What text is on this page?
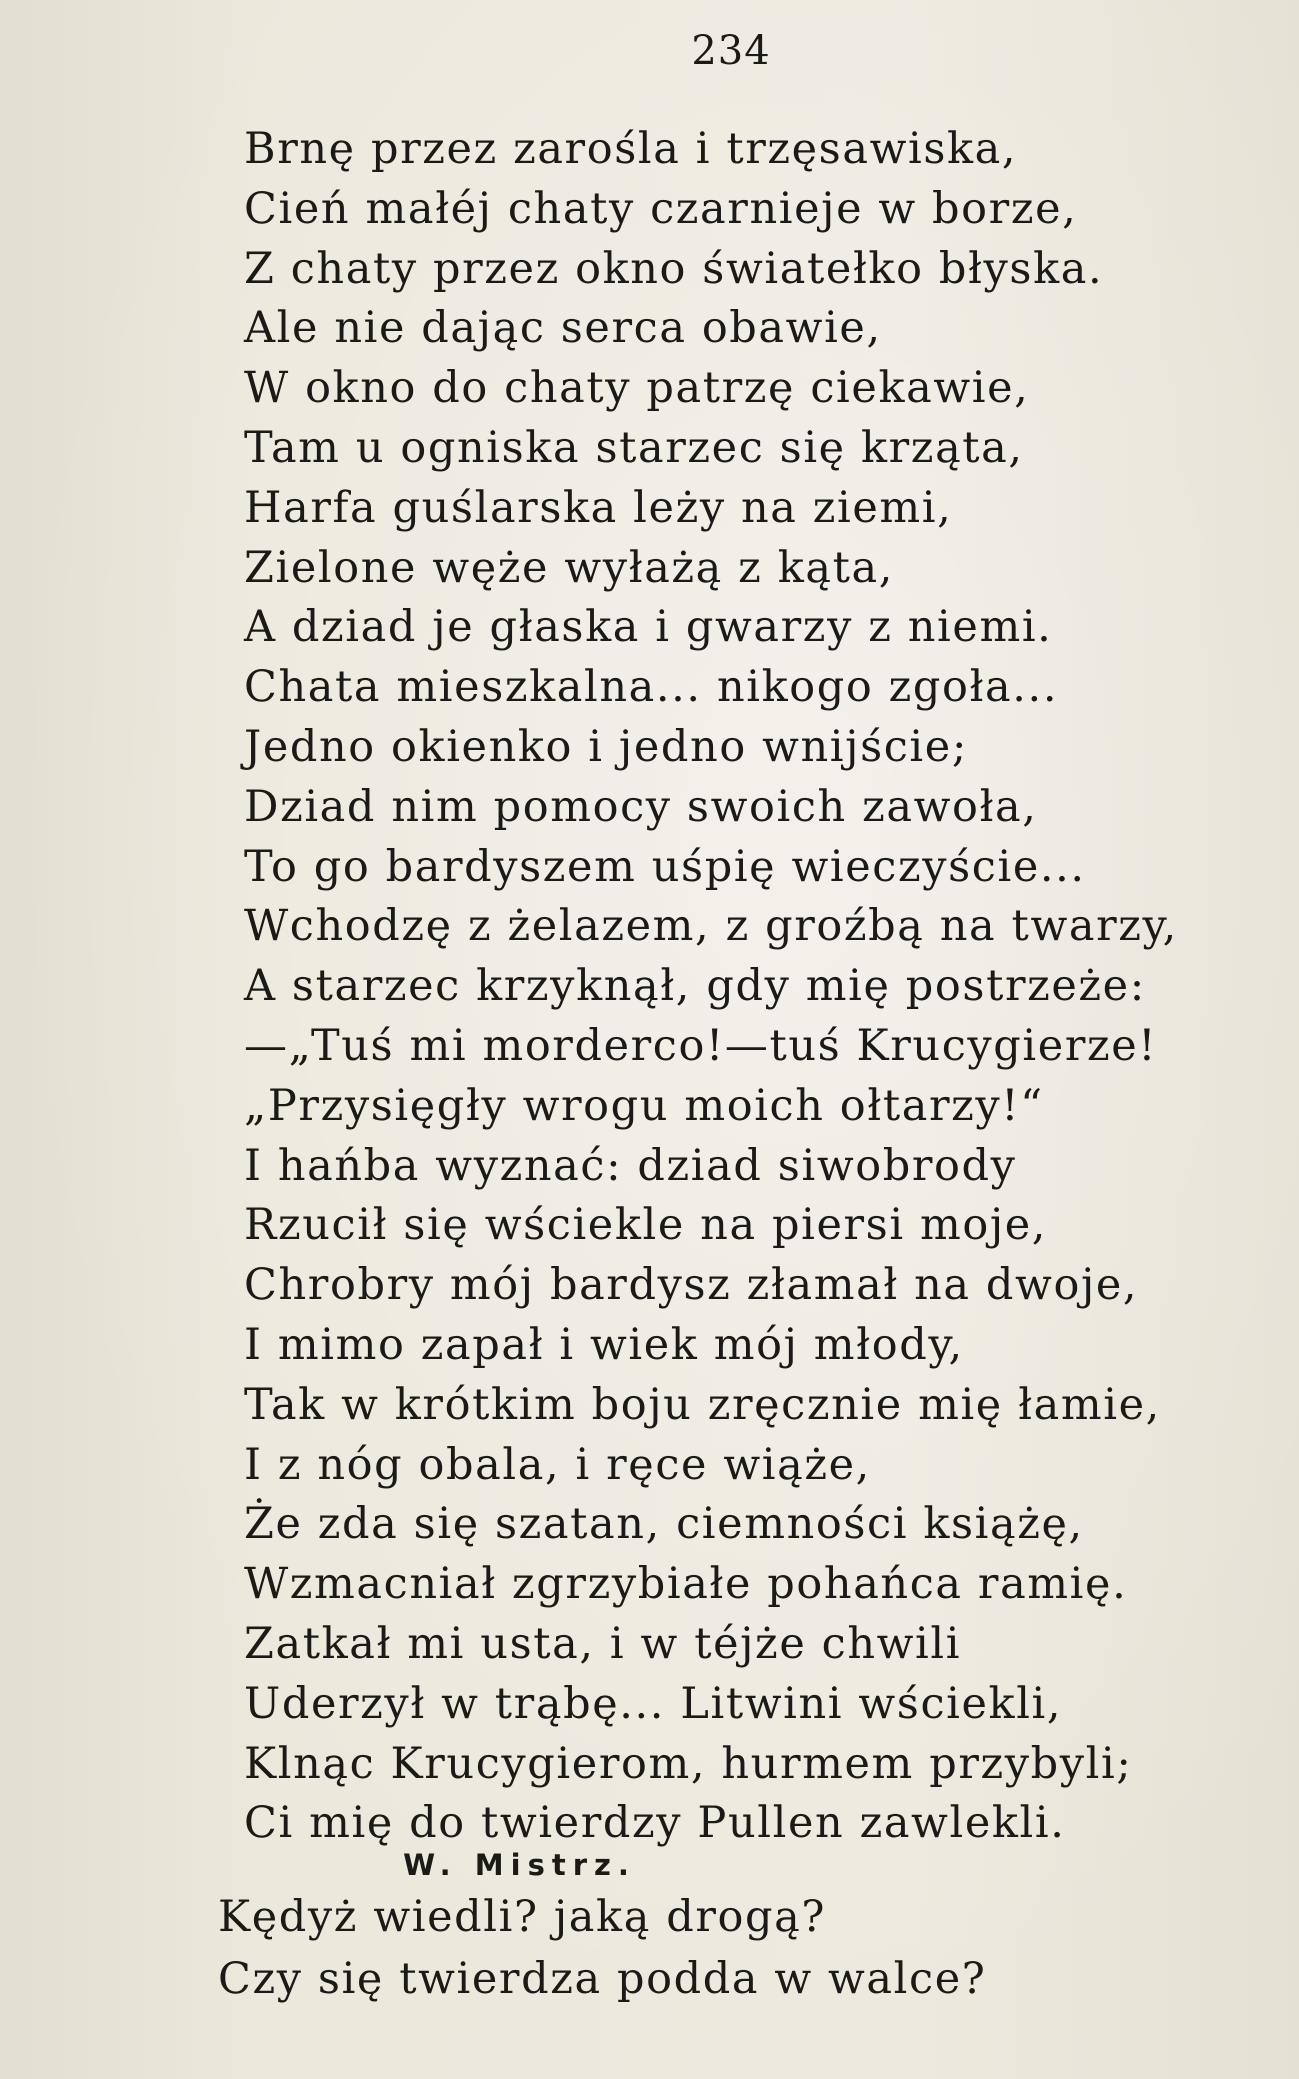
234
Brnę przez zarośla i trzęsawiska,
Cień małéj chaty czarnieje w borze,
Z chaty przez okno światełko błyska.
Ale nie dając serca obawie,
W okno do chaty patrzę ciekawie,
Tam u ogniska starzec się krząta,
Harfa guślarska leży na ziemi,
Zielone węże wyłażą z kąta,
A dziad je głaska i gwarzy z niemi.
Chata mieszkalna... nikogo zgoła...
Jedno okienko i jedno wnijście;
Dziad nim pomocy swoich zawoła,
To go bardyszem uśpię wieczyście...
Wchodzę z żelazem, z groźbą na twarzy,
A starzec krzyknął, gdy mię postrzeże:
—„Tuś mi morderco!—tuś Krucygierze!
„Przysięgły wrogu moich ołtarzy!“
I hańba wyznać: dziad siwobrody
Rzucił się wściekle na piersi moje,
Chrobry mój bardysz złamał na dwoje,
I mimo zapał i wiek mój młody,
Tak w krótkim boju zręcznie mię łamie,
I z nóg obala, i ręce wiąże,
Że zda się szatan, ciemności książę,
Wzmacniał zgrzybiałe pohańca ramię.
Zatkał mi usta, i w téjże chwili
Uderzył w trąbę... Litwini wściekli,
Klnąc Krucygierom, hurmem przybyli;
Ci mię do twierdzy Pullen zawlekli.
W. Mistrz.
Kędyż wiedli? jaką drogą?
Czy się twierdza podda w walce?
